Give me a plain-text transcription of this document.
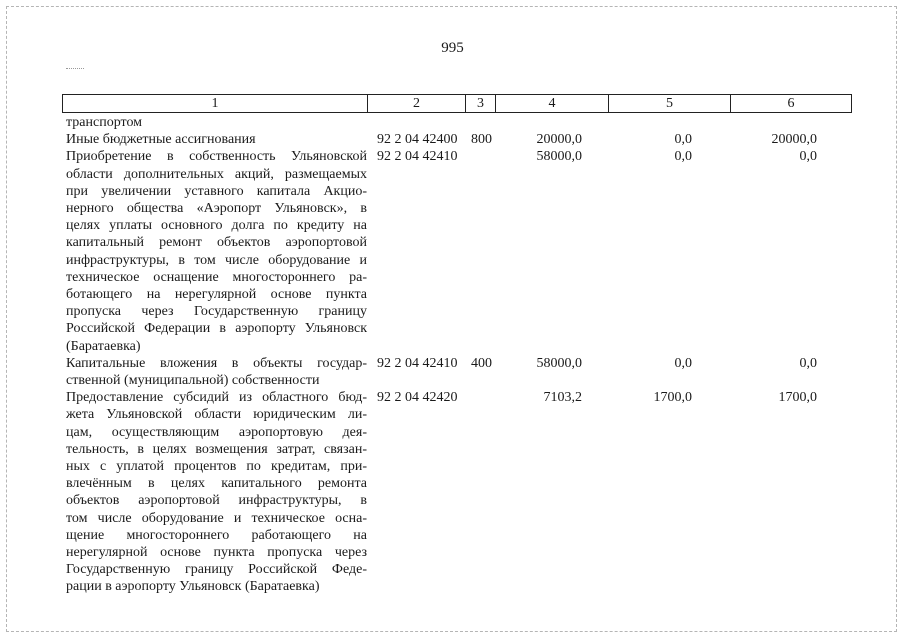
995
1	2	3	4	5	6
транспортом
Иные бюджетные ассигнования	92 2 04 42400 800	20000,0	0,0	20000,0
Приобретение в собственность Ульяновской
области дополнительных акций, размещаемых
при увеличении уставного капитала Акцио-
нерного общества «Аэропорт Ульяновск», в
целях уплаты основного долга по кредиту на
капитальный ремонт объектов аэропортовой
инфраструктуры, в том числе оборудование и
техническое оснащение многостороннего ра-
ботающего на нерегулярной основе пункта
пропуска через Государственную границу
Российской Федерации в аэропорту Ульяновск
(Баратаевка)
92 2 04 42410	58000,0	0,0	0,0
Капитальные вложения в объекты государ-
ственной (муниципальной) собственности
92 2 04 42410 400	58000,0	0,0	0,0
Предоставление субсидий из областного бюд-
жета Ульяновской области юридическим ли-
цам, осуществляющим аэропортовую дея-
тельность, в целях возмещения затрат, связан-
ных с уплатой процентов по кредитам, при-
влечённым в целях капитального ремонта
объектов аэропортовой инфраструктуры, в
том числе оборудование и техническое осна-
щение многостороннего работающего на
нерегулярной основе пункта пропуска через
Государственную границу Российской Феде-
рации в аэропорту Ульяновск (Баратаевка)
92 2 04 42420	7103,2	1700,0	1700,0
